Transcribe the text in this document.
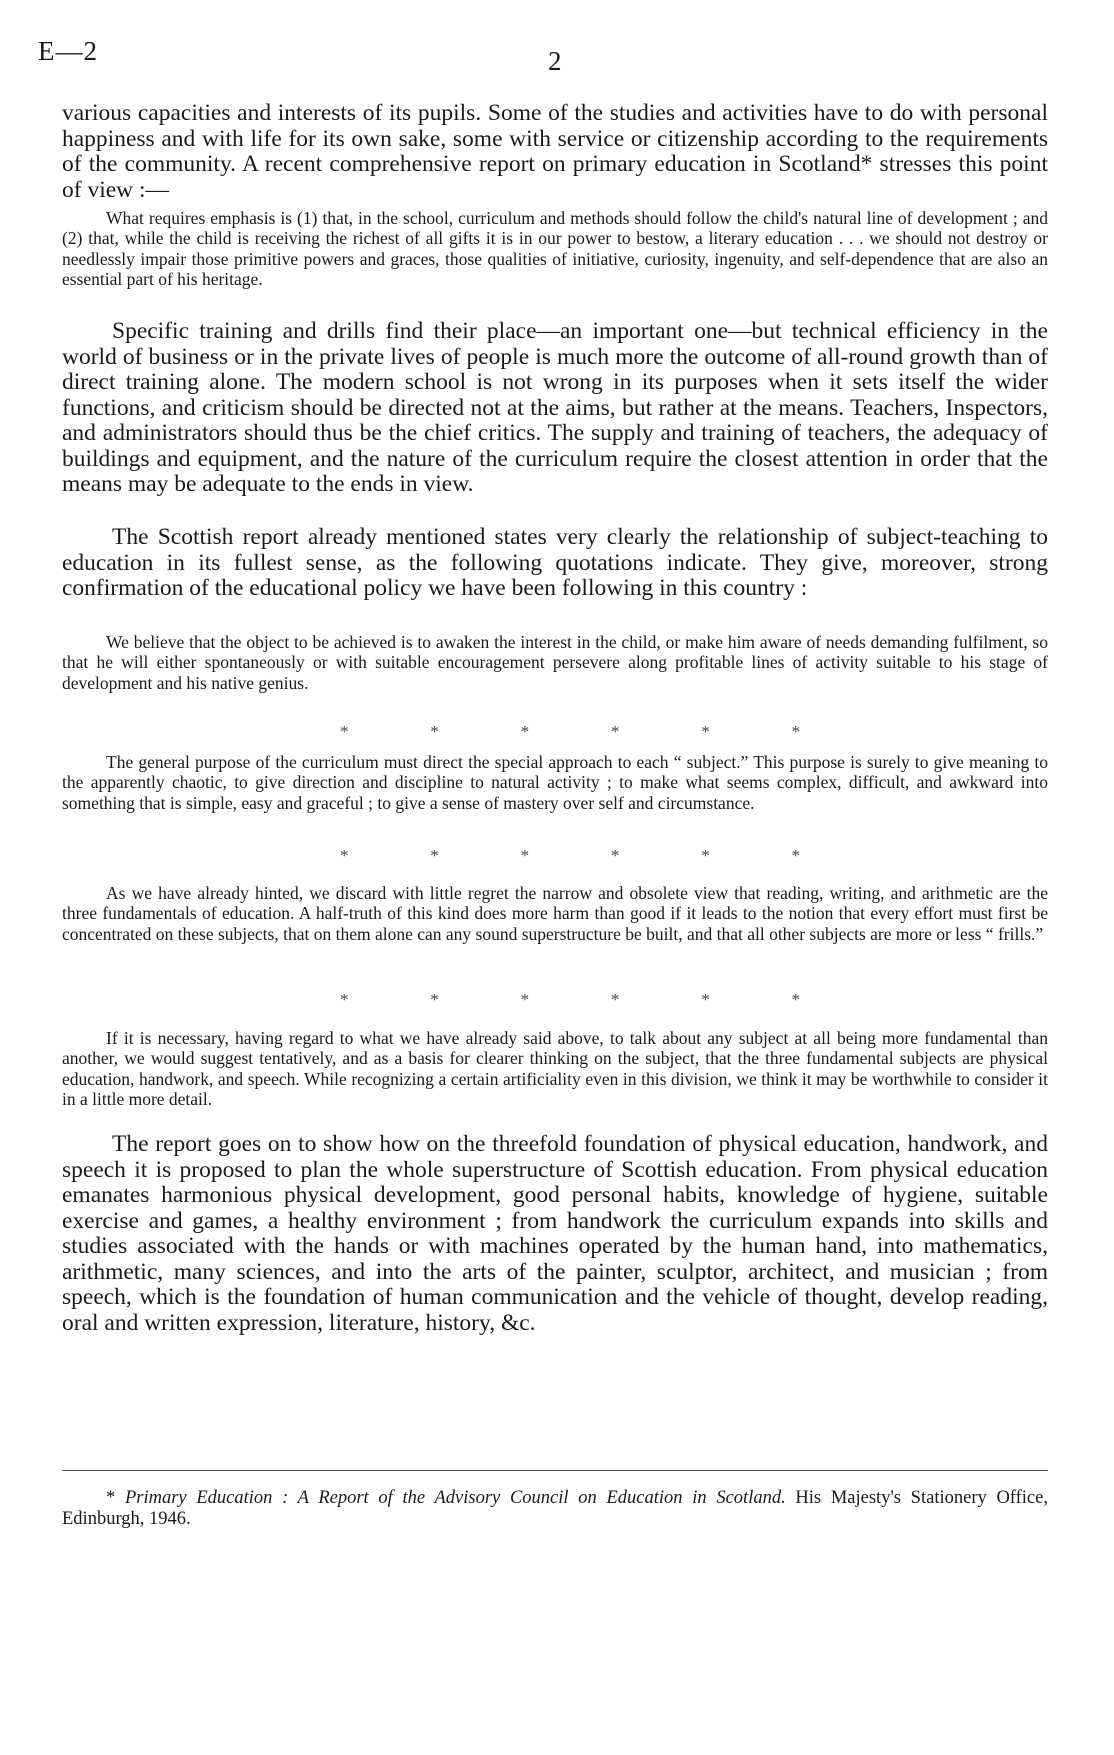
E—2	2

various capacities and interests of its pupils. Some of the studies and activities have to do with personal happiness and with life for its own sake, some with service or citizenship according to the requirements of the community. A recent comprehensive report on primary education in Scotland* stresses this point of view :—

What requires emphasis is (1) that, in the school, curriculum and methods should follow the child's natural line of development ; and (2) that, while the child is receiving the richest of all gifts it is in our power to bestow, a literary education . . . we should not destroy or needlessly impair those primitive powers and graces, those qualities of initiative, curiosity, ingenuity, and self-dependence that are also an essential part of his heritage.

Specific training and drills find their place—an important one—but technical efficiency in the world of business or in the private lives of people is much more the outcome of all-round growth than of direct training alone. The modern school is not wrong in its purposes when it sets itself the wider functions, and criticism should be directed not at the aims, but rather at the means. Teachers, Inspectors, and administrators should thus be the chief critics. The supply and training of teachers, the adequacy of buildings and equipment, and the nature of the curriculum require the closest attention in order that the means may be adequate to the ends in view.

The Scottish report already mentioned states very clearly the relationship of subject-teaching to education in its fullest sense, as the following quotations indicate. They give, moreover, strong confirmation of the educational policy we have been following in this country :

We believe that the object to be achieved is to awaken the interest in the child, or make him aware of needs demanding fulfilment, so that he will either spontaneously or with suitable encouragement persevere along profitable lines of activity suitable to his stage of development and his native genius.

*	*	*	*	*	*

The general purpose of the curriculum must direct the special approach to each “ subject.” This purpose is surely to give meaning to the apparently chaotic, to give direction and discipline to natural activity ; to make what seems complex, difficult, and awkward into something that is simple, easy and graceful ; to give a sense of mastery over self and circumstance.

*	*	*	*	*	*

As we have already hinted, we discard with little regret the narrow and obsolete view that reading, writing, and arithmetic are the three fundamentals of education. A half-truth of this kind does more harm than good if it leads to the notion that every effort must first be concentrated on these subjects, that on them alone can any sound superstructure be built, and that all other subjects are more or less “ frills.”

*	*	*	*	*	*

If it is necessary, having regard to what we have already said above, to talk about any subject at all being more fundamental than another, we would suggest tentatively, and as a basis for clearer thinking on the subject, that the three fundamental subjects are physical education, handwork, and speech. While recognizing a certain artificiality even in this division, we think it may be worthwhile to consider it in a little more detail.

The report goes on to show how on the threefold foundation of physical education, handwork, and speech it is proposed to plan the whole superstructure of Scottish education. From physical education emanates harmonious physical development, good personal habits, knowledge of hygiene, suitable exercise and games, a healthy environment ; from handwork the curriculum expands into skills and studies associated with the hands or with machines operated by the human hand, into mathematics, arithmetic, many sciences, and into the arts of the painter, sculptor, architect, and musician ; from speech, which is the foundation of human communication and the vehicle of thought, develop reading, oral and written expression, literature, history, &c.

* Primary Education : A Report of the Advisory Council on Education in Scotland. His Majesty's Stationery Office, Edinburgh, 1946.
